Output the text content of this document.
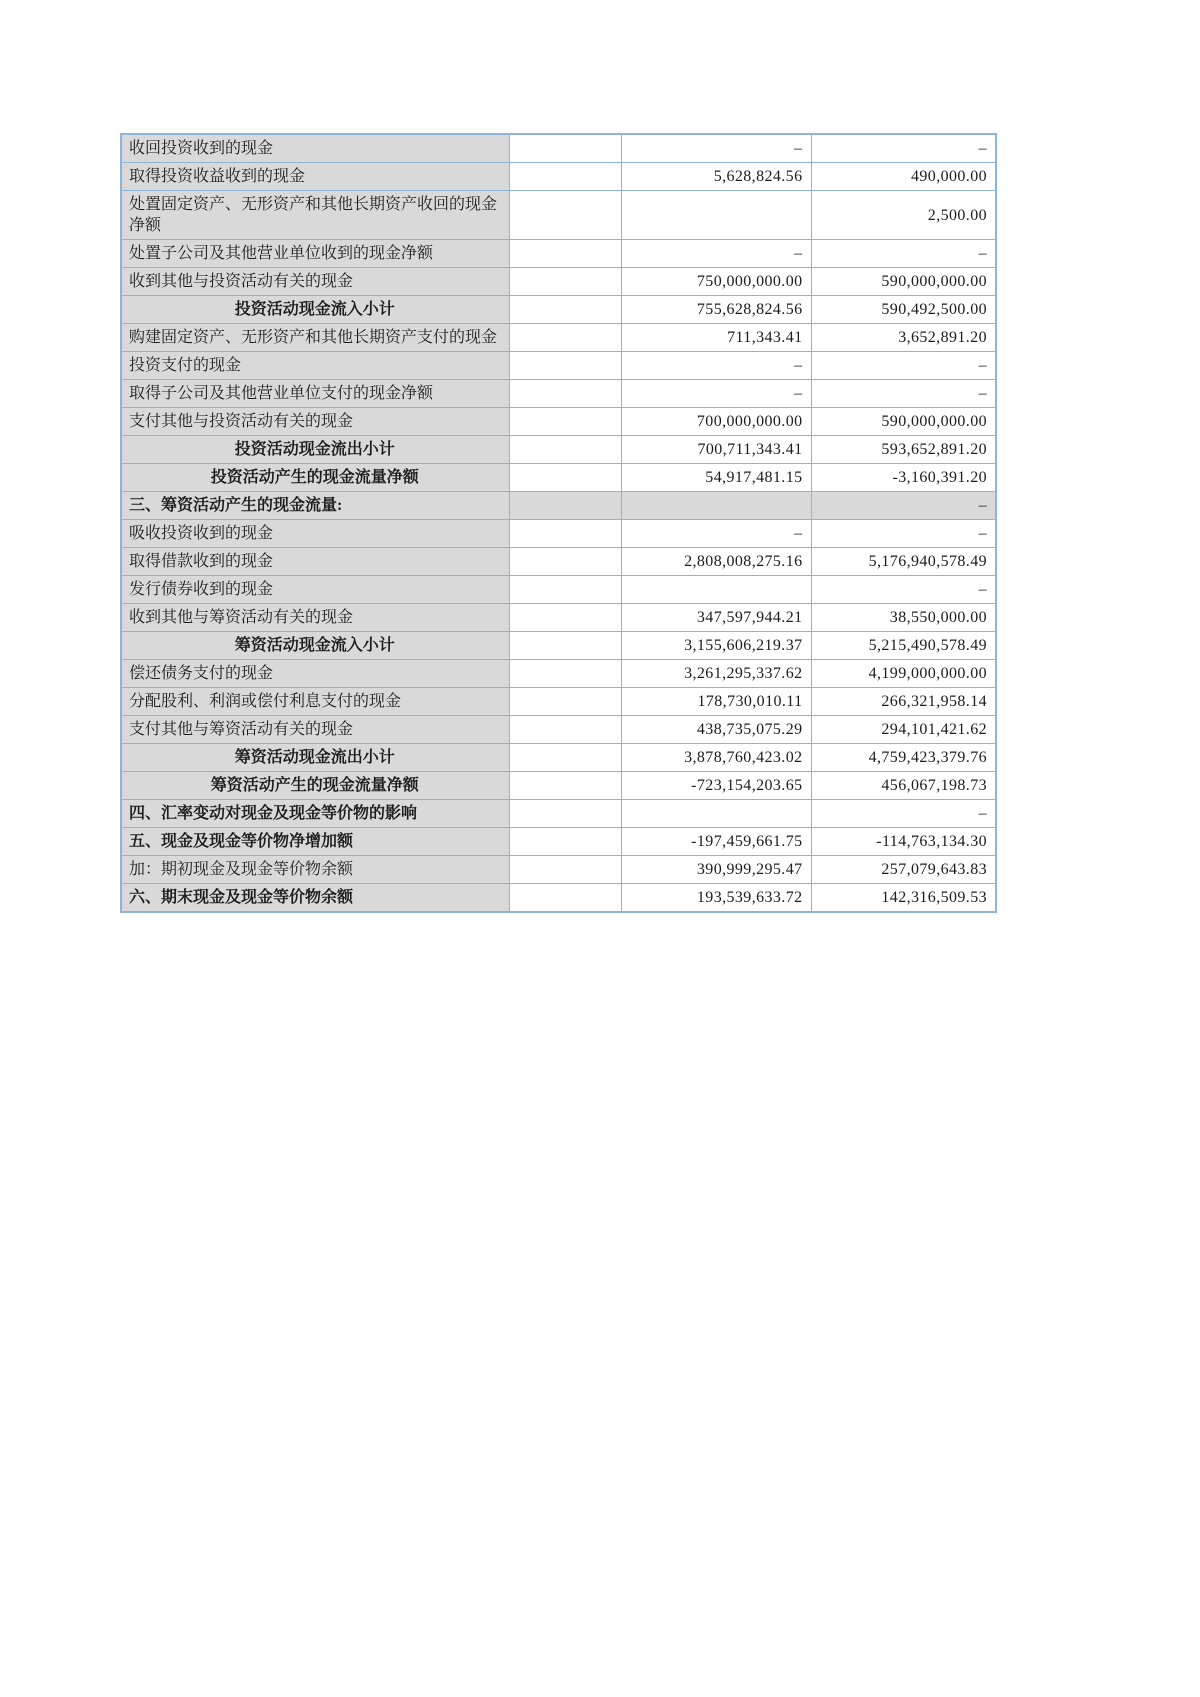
收回投资收到的现金		–	–
取得投资收益收到的现金		5,628,824.56	490,000.00
处置固定资产、无形资产和其他长期资产收回的现金净额			2,500.00
处置子公司及其他营业单位收到的现金净额		–	–
收到其他与投资活动有关的现金		750,000,000.00	590,000,000.00
投资活动现金流入小计		755,628,824.56	590,492,500.00
购建固定资产、无形资产和其他长期资产支付的现金		711,343.41	3,652,891.20
投资支付的现金		–	–
取得子公司及其他营业单位支付的现金净额		–	–
支付其他与投资活动有关的现金		700,000,000.00	590,000,000.00
投资活动现金流出小计		700,711,343.41	593,652,891.20
投资活动产生的现金流量净额		54,917,481.15	-3,160,391.20
三、筹资活动产生的现金流量:			–
吸收投资收到的现金		–	–
取得借款收到的现金		2,808,008,275.16	5,176,940,578.49
发行债券收到的现金			–
收到其他与筹资活动有关的现金		347,597,944.21	38,550,000.00
筹资活动现金流入小计		3,155,606,219.37	5,215,490,578.49
偿还债务支付的现金		3,261,295,337.62	4,199,000,000.00
分配股利、利润或偿付利息支付的现金		178,730,010.11	266,321,958.14
支付其他与筹资活动有关的现金		438,735,075.29	294,101,421.62
筹资活动现金流出小计		3,878,760,423.02	4,759,423,379.76
筹资活动产生的现金流量净额		-723,154,203.65	456,067,198.73
四、汇率变动对现金及现金等价物的影响			–
五、现金及现金等价物净增加额		-197,459,661.75	-114,763,134.30
加：期初现金及现金等价物余额		390,999,295.47	257,079,643.83
六、期末现金及现金等价物余额		193,539,633.72	142,316,509.53
